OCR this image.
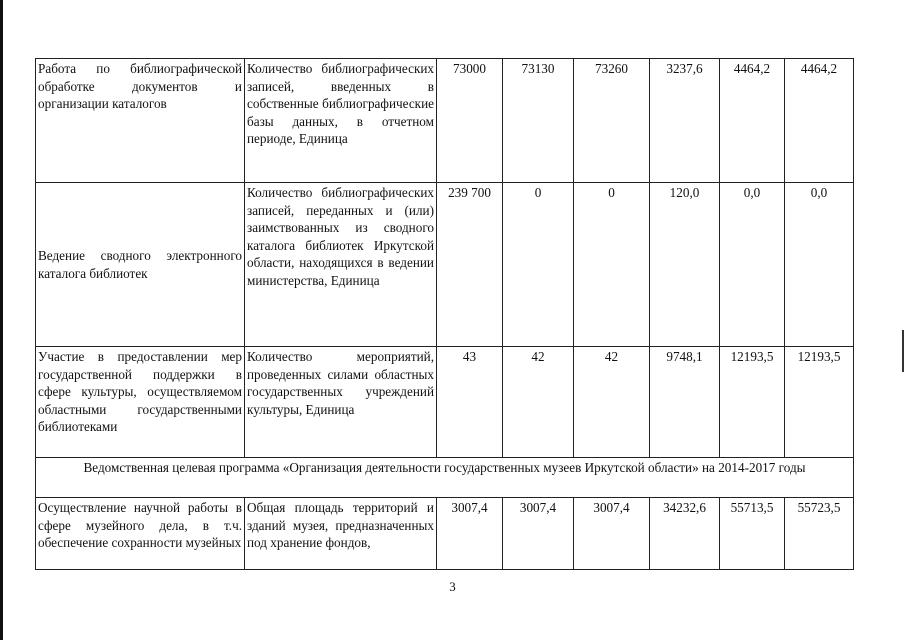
Работа по библиографической обработке документов и организации каталогов	Количество библиографических записей, введенных в собственные библиографические базы данных, в отчетном периоде, Единица	73000	73130	73260	3237,6	4464,2	4464,2
Ведение сводного электронного каталога библиотек	Количество библиографических записей, переданных и (или) заимствованных из сводного каталога библиотек Иркутской области, находящихся в ведении министерства, Единица	239 700	0	0	120,0	0,0	0,0
Участие в предоставлении мер государственной поддержки в сфере культуры, осуществляемом областными государственными библиотеками	Количество мероприятий, проведенных силами областных государственных учреждений культуры, Единица	43	42	42	9748,1	12193,5	12193,5
Ведомственная целевая программа «Организация деятельности государственных музеев Иркутской области» на 2014-2017 годы							
Осуществление научной работы в сфере музейного дела, в т.ч. обеспечение сохранности музейных	Общая площадь территорий и зданий музея, предназначенных под хранение фондов,	3007,4	3007,4	3007,4	34232,6	55713,5	55723,5
3
